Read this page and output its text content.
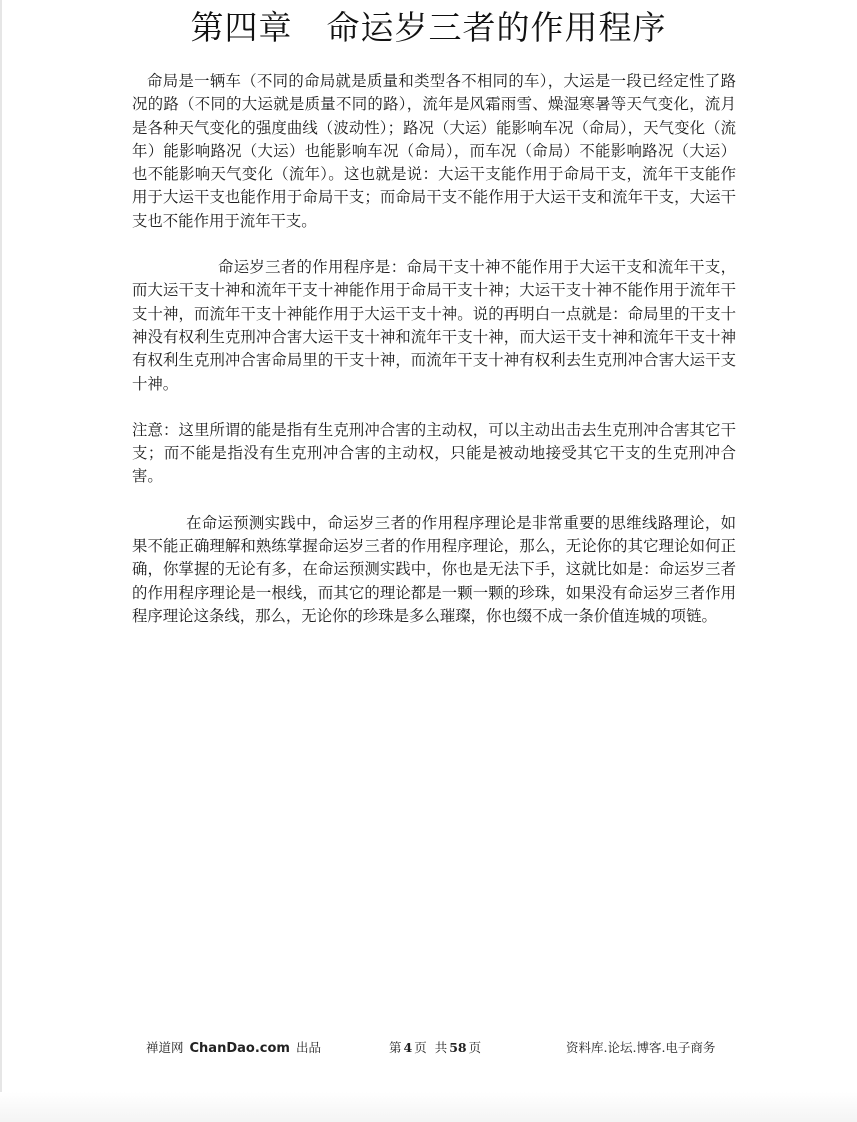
第四章 命运岁三者的作用程序

命局是一辆车（不同的命局就是质量和类型各不相同的车），大运是一段已经定性了路况的路（不同的大运就是质量不同的路），流年是风霜雨雪、燥湿寒暑等天气变化，流月是各种天气变化的强度曲线（波动性）；路况（大运）能影响车况（命局），天气变化（流年）能影响路况（大运）也能影响车况（命局），而车况（命局）不能影响路况（大运）也不能影响天气变化（流年）。这也就是说：大运干支能作用于命局干支，流年干支能作用于大运干支也能作用于命局干支；而命局干支不能作用于大运干支和流年干支，大运干支也不能作用于流年干支。

命运岁三者的作用程序是：命局干支十神不能作用于大运干支和流年干支，而大运干支十神和流年干支十神能作用于命局干支十神；大运干支十神不能作用于流年干支十神，而流年干支十神能作用于大运干支十神。说的再明白一点就是：命局里的干支十神没有权利生克刑冲合害大运干支十神和流年干支十神，而大运干支十神和流年干支十神有权利生克刑冲合害命局里的干支十神，而流年干支十神有权利去生克刑冲合害大运干支十神。

注意：这里所谓的能是指有生克刑冲合害的主动权，可以主动出击去生克刑冲合害其它干支；而不能是指没有生克刑冲合害的主动权，只能是被动地接受其它干支的生克刑冲合害。

在命运预测实践中，命运岁三者的作用程序理论是非常重要的思维线路理论，如果不能正确理解和熟练掌握命运岁三者的作用程序理论，那么，无论你的其它理论如何正确，你掌握的无论有多，在命运预测实践中，你也是无法下手，这就比如是：命运岁三者的作用程序理论是一根线，而其它的理论都是一颗一颗的珍珠，如果没有命运岁三者作用程序理论这条线，那么，无论你的珍珠是多么璀璨，你也缀不成一条价值连城的项链。

禅道网 ChanDao.com 出品	第 4 页 共 58 页	资料库.论坛.博客.电子商务
